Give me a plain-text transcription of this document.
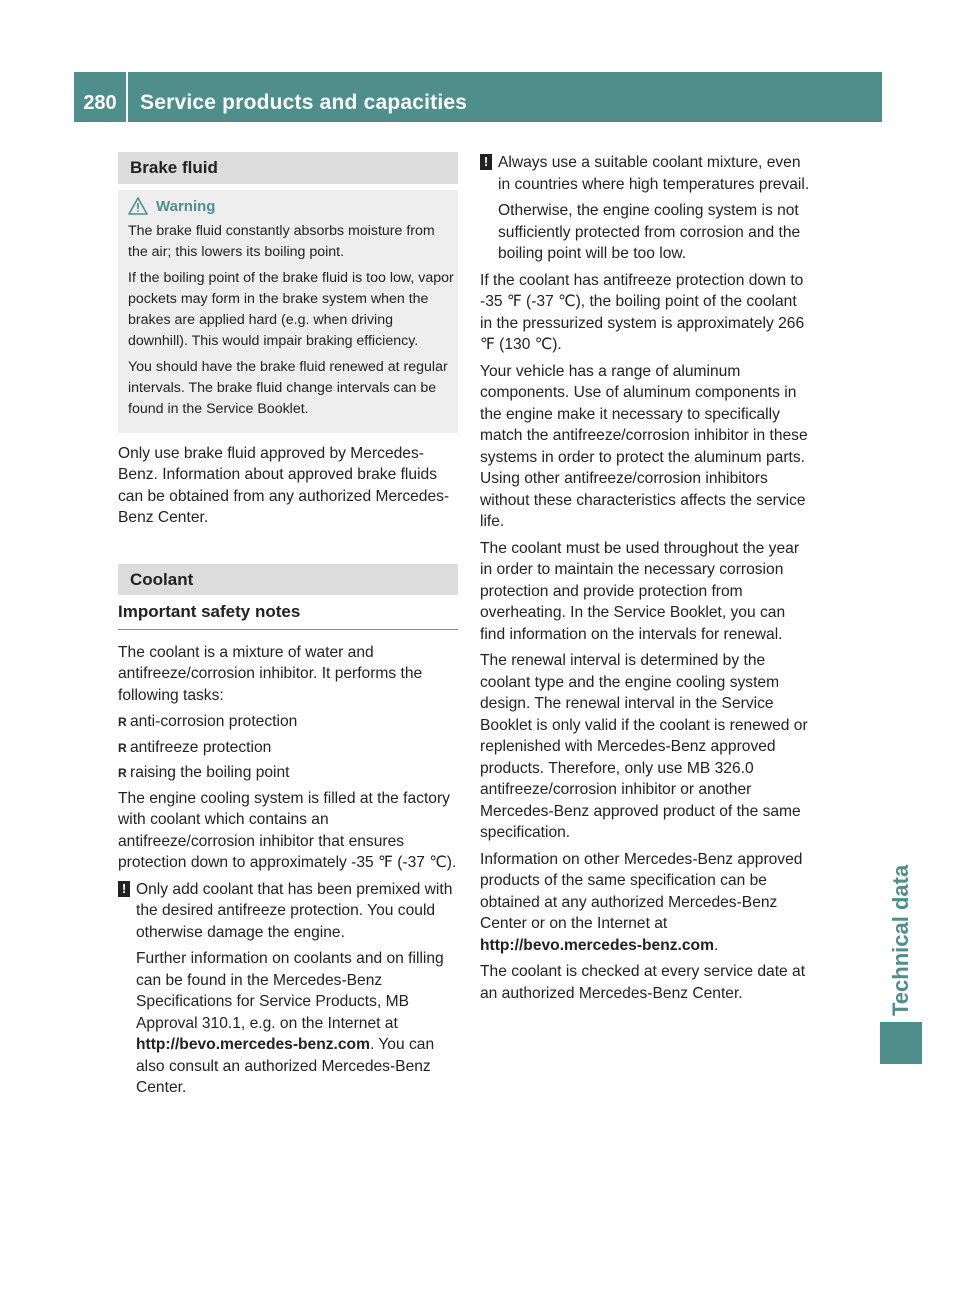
280	Service products and capacities
Technical data
Brake fluid
Warning

The brake fluid constantly absorbs moisture from the air; this lowers its boiling point.

If the boiling point of the brake fluid is too low, vapor pockets may form in the brake system when the brakes are applied hard (e.g. when driving downhill). This would impair braking efficiency.

You should have the brake fluid renewed at regular intervals. The brake fluid change intervals can be found in the Service Booklet.

Only use brake fluid approved by Mercedes-Benz. Information about approved brake fluids can be obtained from any authorized Mercedes-Benz Center.

Coolant
Important safety notes

The coolant is a mixture of water and antifreeze/corrosion inhibitor. It performs the following tasks:

R anti-corrosion protection

R antifreeze protection

R raising the boiling point

The engine cooling system is filled at the factory with coolant which contains an antifreeze/corrosion inhibitor that ensures protection down to approximately -35 ℉ (-37 ℃).

! Only add coolant that has been premixed with the desired antifreeze protection. You could otherwise damage the engine.

Further information on coolants and on filling can be found in the Mercedes-Benz Specifications for Service Products, MB Approval 310.1, e.g. on the Internet at http://bevo.mercedes-benz.com. You can also consult an authorized Mercedes-Benz Center.

! Always use a suitable coolant mixture, even in countries where high temperatures prevail.

Otherwise, the engine cooling system is not sufficiently protected from corrosion and the boiling point will be too low.

If the coolant has antifreeze protection down to -35 ℉ (-37 ℃), the boiling point of the coolant in the pressurized system is approximately 266 ℉ (130 ℃).

Your vehicle has a range of aluminum components. Use of aluminum components in the engine make it necessary to specifically match the antifreeze/corrosion inhibitor in these systems in order to protect the aluminum parts. Using other antifreeze/corrosion inhibitors without these characteristics affects the service life.

The coolant must be used throughout the year in order to maintain the necessary corrosion protection and provide protection from overheating. In the Service Booklet, you can find information on the intervals for renewal.

The renewal interval is determined by the coolant type and the engine cooling system design. The renewal interval in the Service Booklet is only valid if the coolant is renewed or replenished with Mercedes-Benz approved products. Therefore, only use MB 326.0 antifreeze/corrosion inhibitor or another Mercedes-Benz approved product of the same specification.

Information on other Mercedes-Benz approved products of the same specification can be obtained at any authorized Mercedes-Benz Center or on the Internet at
http://bevo.mercedes-benz.com.

The coolant is checked at every service date at an authorized Mercedes-Benz Center.
